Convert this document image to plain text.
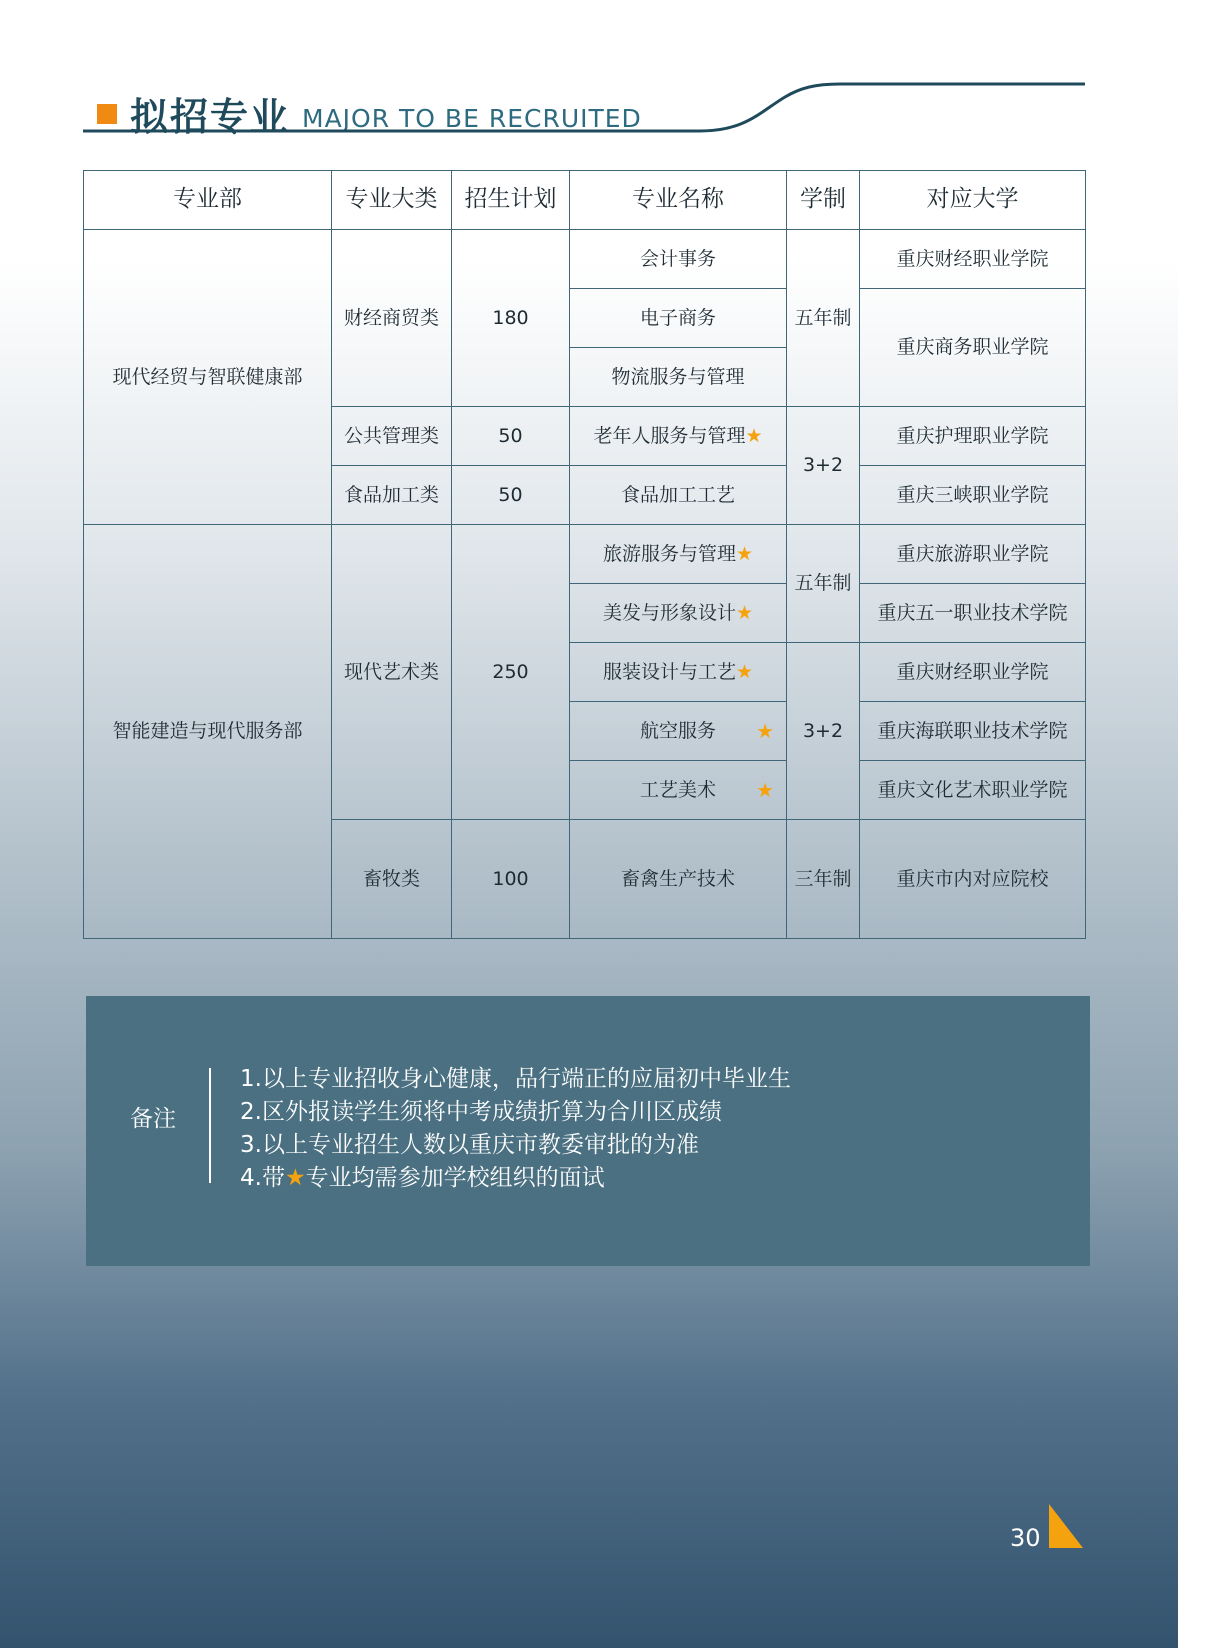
拟招专业 MAJOR TO BE RECRUITED
专业部	专业大类	招生计划	专业名称	学制	对应大学
现代经贸与智联健康部	财经商贸类	180	会计事务	五年制	重庆财经职业学院
			电子商务		重庆商务职业学院
			物流服务与管理		
	公共管理类	50	老年人服务与管理★	3+2	重庆护理职业学院
	食品加工类	50	食品加工工艺		重庆三峡职业学院
智能建造与现代服务部	现代艺术类	250	旅游服务与管理★	五年制	重庆旅游职业学院
			美发与形象设计★		重庆五一职业技术学院
			服装设计与工艺★	3+2	重庆财经职业学院
			航空服务 ★		重庆海联职业技术学院
			工艺美术 ★		重庆文化艺术职业学院
	畜牧类	100	畜禽生产技术	三年制	重庆市内对应院校
备注
1.以上专业招收身心健康，品行端正的应届初中毕业生
2.区外报读学生须将中考成绩折算为合川区成绩
3.以上专业招生人数以重庆市教委审批的为准
4.带★专业均需参加学校组织的面试
30
